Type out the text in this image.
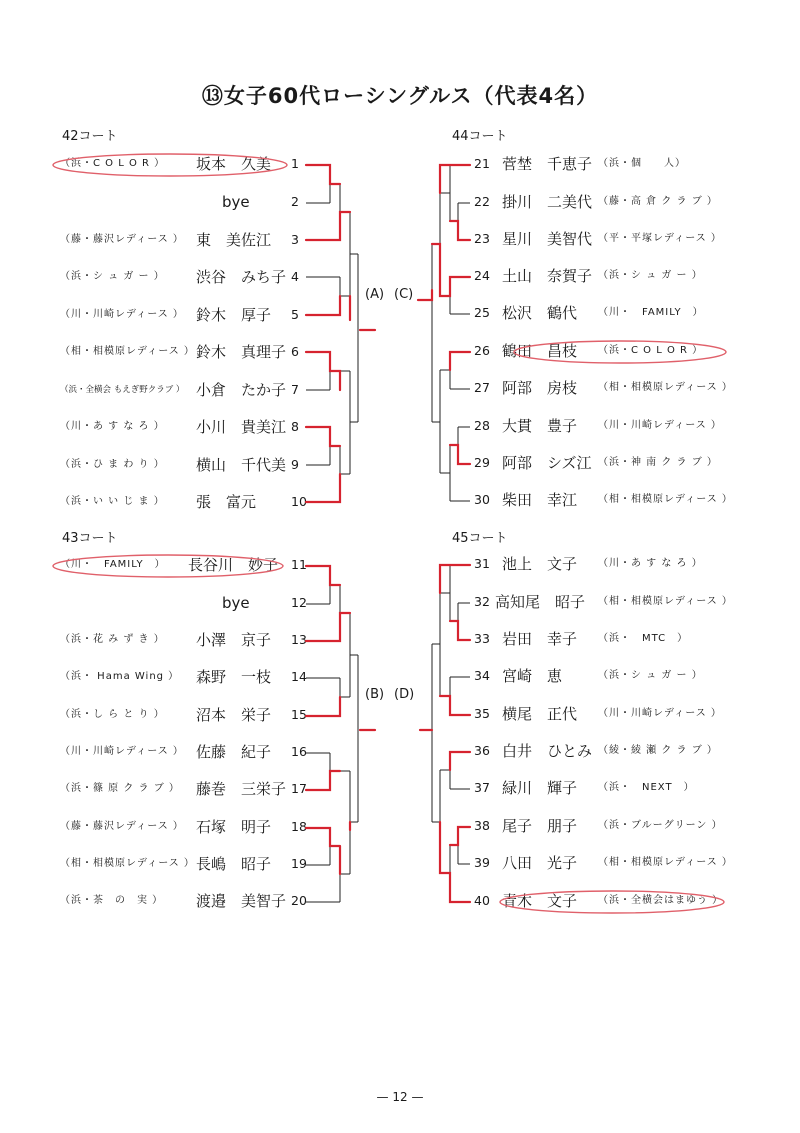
⑬女子60代ローシングルス（代表4名）
42コート	44コート
43コート	45コート
（浜・C O L O R ） 坂本　久美 1
bye	2
（藤・藤沢レディース ） 東　美佐江 3
（浜・シ ュ ガ ー ） 渋谷　みち子 4
（川・川崎レディース ） 鈴木　厚子 5
（相・相模原レディース ） 鈴木　真理子 6
（浜・全横会 もえぎ野クラブ ） 小倉　たか子 7
（川・あ す な ろ ） 小川　貴美江 8
（浜・ひ ま わ り ） 横山　千代美 9
（浜・い い じ ま ） 張　富元	10
（川・　FAMILY　） 長谷川　妙子 11
bye	12
（浜・花 み ず き ） 小澤　京子 13
（浜・ Hama Wing ） 森野　一枝 14
（浜・し ら と り ） 沼本　栄子 15
（川・川崎レディース ） 佐藤　紀子 16
（浜・篠 原 ク ラ ブ ） 藤巻　三栄子 17
（藤・藤沢レディース ） 石塚　明子 18
（相・相模原レディース ） 長嶋　昭子 19
（浜・茶　の　実 ） 渡邉　美智子 20
21 菅埜　千恵子 （浜・個　　人）
22 掛川　二美代 （藤・高 倉 ク ラ ブ ）
23 星川　美智代 （平・平塚レディース ）
24 土山　奈賀子 （浜・シ ュ ガ ー ）
25 松沢　鶴代 （川・　FAMILY　）
26 鶴田　昌枝 （浜・C O L O R ）
27 阿部　房枝 （相・相模原レディース ）
28 大貫　豊子 （川・川崎レディース ）
29 阿部　シズ江 （浜・神 南 ク ラ ブ ）
30 柴田　幸江 （相・相模原レディース ）
31 池上　文子 （川・あ す な ろ ）
32 高知尾　昭子 （相・相模原レディース ）
33 岩田　幸子 （浜・　MTC　）
34 宮崎　恵	（浜・シ ュ ガ ー ）
35 横尾　正代 （川・川崎レディース ）
36 白井　ひとみ （綾・綾 瀬 ク ラ ブ ）
37 緑川　輝子 （浜・　NEXT　）
38 尾子　朋子 （浜・ブルーグリーン ）
39 八田　光子 （相・相模原レディース ）
40 青木　文子 （浜・全横会はまゆう ）
(A) (C)
(B) (D)
— 12 —
